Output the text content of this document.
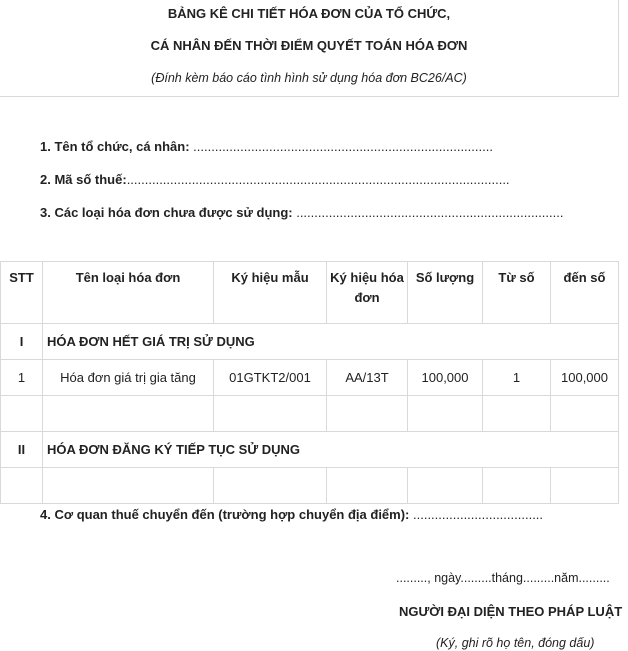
BẢNG KÊ CHI TIẾT HÓA ĐƠN CỦA TỔ CHỨC,
CÁ NHÂN ĐẾN THỜI ĐIỂM QUYẾT TOÁN HÓA ĐƠN
(Đính kèm báo cáo tình hình sử dụng hóa đơn BC26/AC)
1. Tên tổ chức, cá nhân: ...................................................................................
2. Mã số thuế:..........................................................................................................
3. Các loại hóa đơn chưa được sử dụng: ..........................................................................
STT	Tên loại hóa đơn	Ký hiệu mẫu	Ký hiệu hóa đơn	Số lượng	Từ số	đến số
I	HÓA ĐƠN HẾT GIÁ TRỊ SỬ DỤNG					
1	Hóa đơn giá trị gia tăng	01GTKT2/001	AA/13T	100,000	1	100,000

II	HÓA ĐƠN ĐĂNG KÝ TIẾP TỤC SỬ DỤNG					

4. Cơ quan thuế chuyển đến (trường hợp chuyển địa điểm): ....................................
........., ngày.........tháng.........năm.........
NGƯỜI ĐẠI DIỆN THEO PHÁP LUẬT
(Ký, ghi rõ họ tên, đóng dấu)
